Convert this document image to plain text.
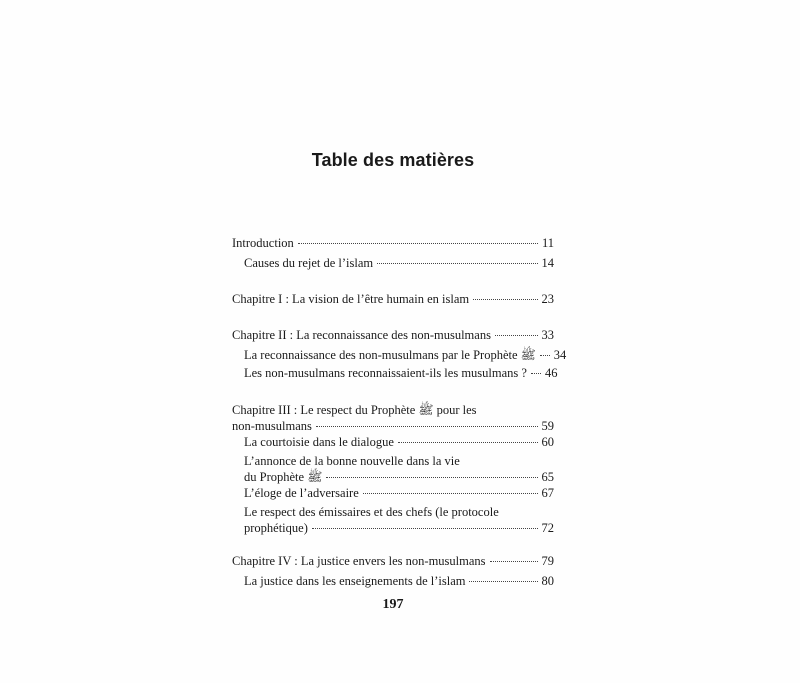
Table des matières
Introduction	11
Causes du rejet de l’islam	14
Chapitre I : La vision de l’être humain en islam	23
Chapitre II : La reconnaissance des non-musulmans	33
La reconnaissance des non-musulmans par le Prophète ﷺ 34
Les non-musulmans reconnaissaient-ils les musulmans ? 46
Chapitre III : Le respect du Prophète ﷺ pour les
non-musulmans	59
La courtoisie dans le dialogue	60
L’annonce de la bonne nouvelle dans la vie
du Prophète ﷺ	65
L’éloge de l’adversaire	67
Le respect des émissaires et des chefs (le protocole
prophétique)	72
Chapitre IV : La justice envers les non-musulmans	79
La justice dans les enseignements de l’islam	80
197
